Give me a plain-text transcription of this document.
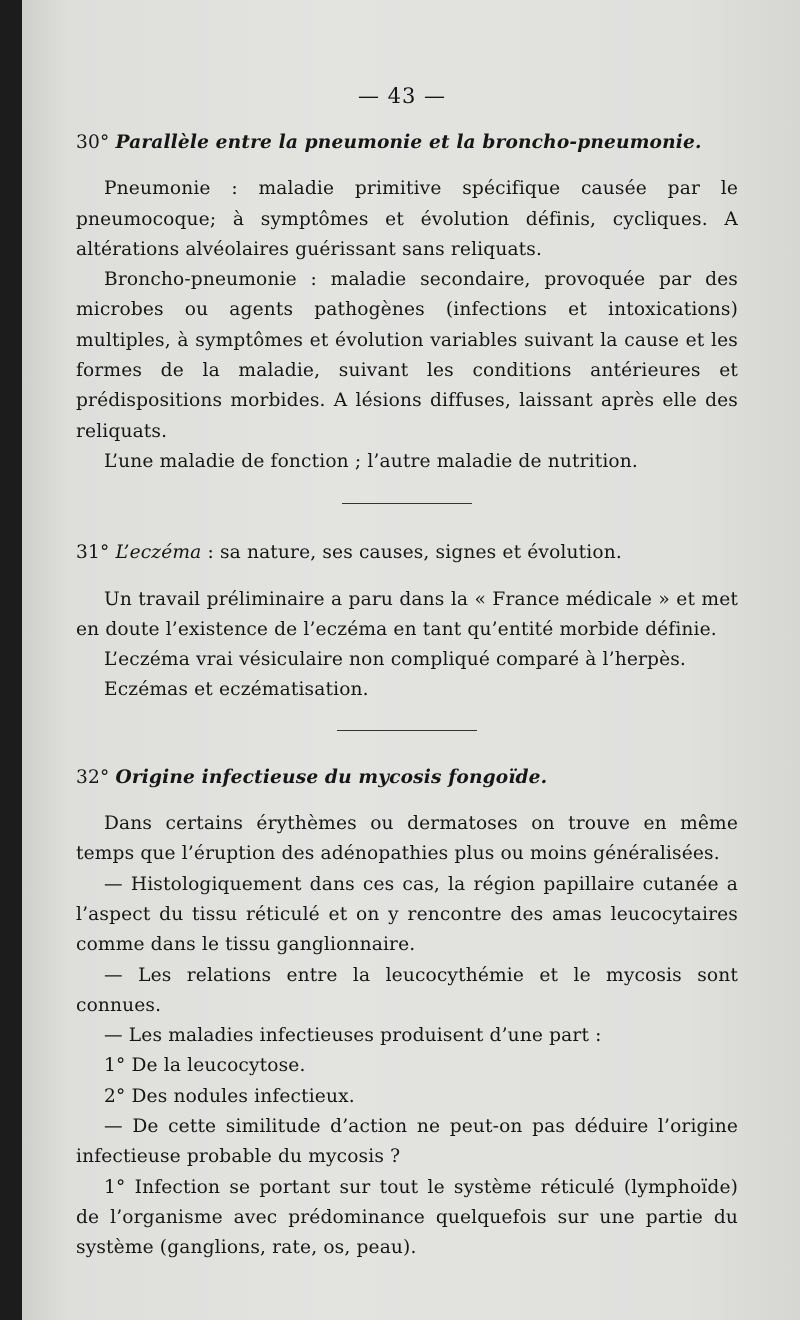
— 43 —

30° Parallèle entre la pneumonie et la broncho-pneumonie.

Pneumonie : maladie primitive spécifique causée par le pneumocoque; à symptômes et évolution définis, cycliques. A altérations alvéolaires guérissant sans reliquats.

Broncho-pneumonie : maladie secondaire, provoquée par des microbes ou agents pathogènes (infections et intoxications) multiples, à symptômes et évolution variables suivant la cause et les formes de la maladie, suivant les conditions antérieures et prédispositions morbides. A lésions diffuses, laissant après elle des reliquats.

L’une maladie de fonction ; l’autre maladie de nutrition.

31° L’eczéma : sa nature, ses causes, signes et évolution.

Un travail préliminaire a paru dans la « France médicale » et met en doute l’existence de l’eczéma en tant qu’entité morbide définie.

L’eczéma vrai vésiculaire non compliqué comparé à l’herpès.

Eczémas et eczématisation.

32° Origine infectieuse du mycosis fongoïde.

Dans certains érythèmes ou dermatoses on trouve en même temps que l’éruption des adénopathies plus ou moins généralisées.

— Histologiquement dans ces cas, la région papillaire cutanée a l’aspect du tissu réticulé et on y rencontre des amas leucocytaires comme dans le tissu ganglionnaire.

— Les relations entre la leucocythémie et le mycosis sont connues.

— Les maladies infectieuses produisent d’une part :

1° De la leucocytose.

2° Des nodules infectieux.

— De cette similitude d’action ne peut-on pas déduire l’origine infectieuse probable du mycosis ?

1° Infection se portant sur tout le système réticulé (lymphoïde) de l’organisme avec prédominance quelquefois sur une partie du système (ganglions, rate, os, peau).
